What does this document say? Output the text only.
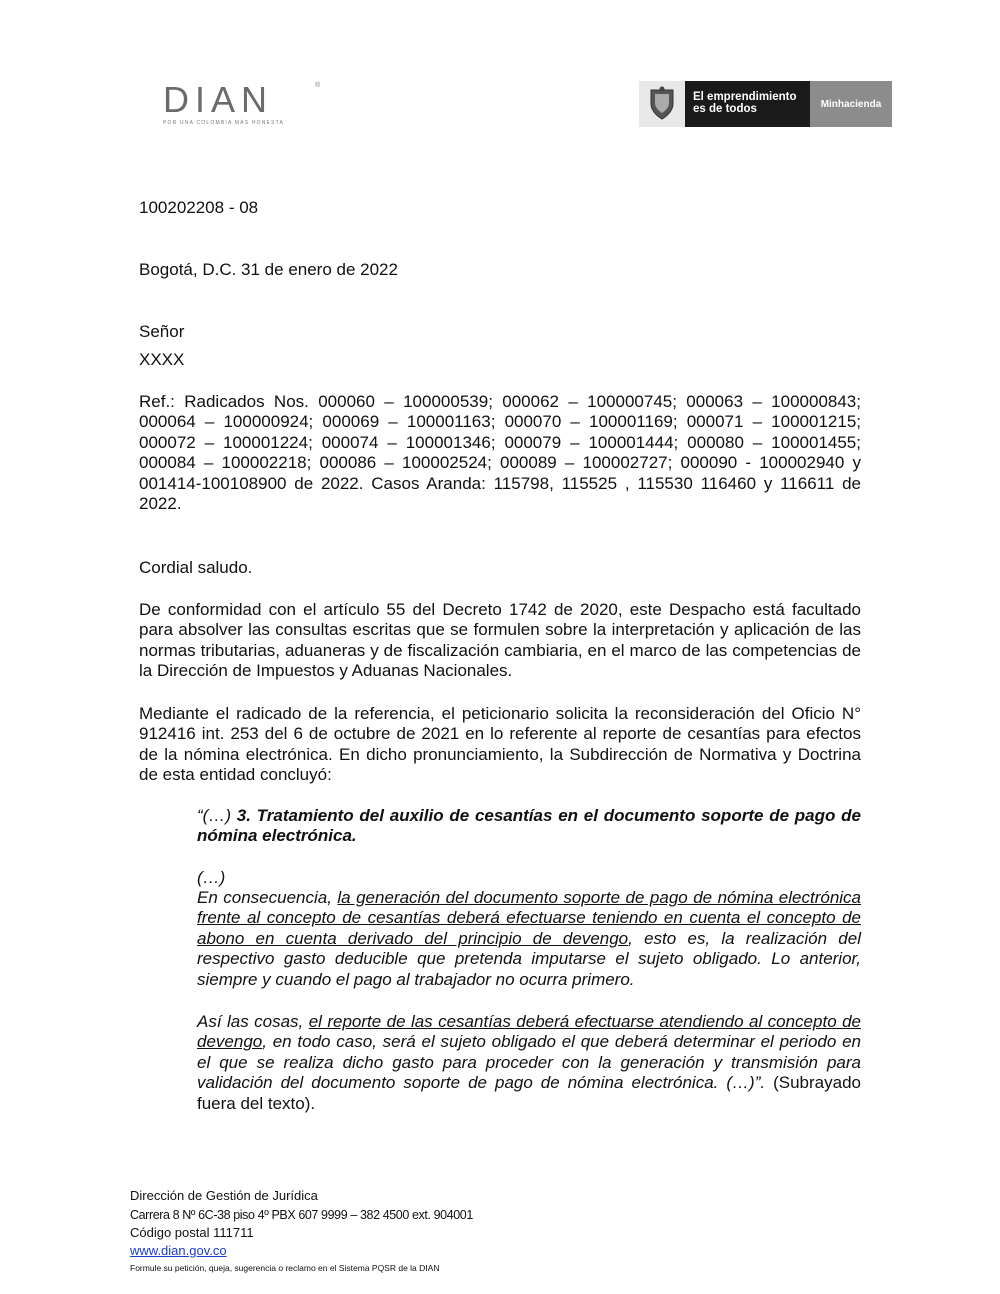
DIAN	®
POR UNA COLOMBIA MÁS HONESTA
El emprendimiento
es de todos	Minhacienda
100202208 - 08
Bogotá, D.C. 31 de enero de 2022
Señor
XXXX
Ref.: Radicados Nos. 000060 – 100000539; 000062 – 100000745; 000063 – 100000843; 000064 – 100000924; 000069 – 100001163; 000070 – 100001169; 000071 – 100001215; 000072 – 100001224; 000074 – 100001346; 000079 – 100001444; 000080 – 100001455; 000084 – 100002218; 000086 – 100002524; 000089 – 100002727; 000090 - 100002940 y 001414-100108900 de 2022. Casos Aranda: 115798, 115525 , 115530 116460 y 116611 de 2022.
Cordial saludo.
De conformidad con el artículo 55 del Decreto 1742 de 2020, este Despacho está facultado para absolver las consultas escritas que se formulen sobre la interpretación y aplicación de las normas tributarias, aduaneras y de fiscalización cambiaria, en el marco de las competencias de la Dirección de Impuestos y Aduanas Nacionales.
Mediante el radicado de la referencia, el peticionario solicita la reconsideración del Oficio N° 912416 int. 253 del 6 de octubre de 2021 en lo referente al reporte de cesantías para efectos de la nómina electrónica. En dicho pronunciamiento, la Subdirección de Normativa y Doctrina de esta entidad concluyó:
“(…) 3. Tratamiento del auxilio de cesantías en el documento soporte de pago de nómina electrónica.
(…)
En consecuencia, la generación del documento soporte de pago de nómina electrónica frente al concepto de cesantías deberá efectuarse teniendo en cuenta el concepto de abono en cuenta derivado del principio de devengo, esto es, la realización del respectivo gasto deducible que pretenda imputarse el sujeto obligado. Lo anterior, siempre y cuando el pago al trabajador no ocurra primero.
Así las cosas, el reporte de las cesantías deberá efectuarse atendiendo al concepto de devengo, en todo caso, será el sujeto obligado el que deberá determinar el periodo en el que se realiza dicho gasto para proceder con la generación y transmisión para validación del documento soporte de pago de nómina electrónica. (…)”. (Subrayado fuera del texto).
Dirección de Gestión de Jurídica
Carrera 8 Nº 6C-38 piso 4º PBX 607 9999 – 382 4500 ext. 904001
Código postal 111711
www.dian.gov.co
Formule su petición, queja, sugerencia o reclamo en el Sistema PQSR de la DIAN
